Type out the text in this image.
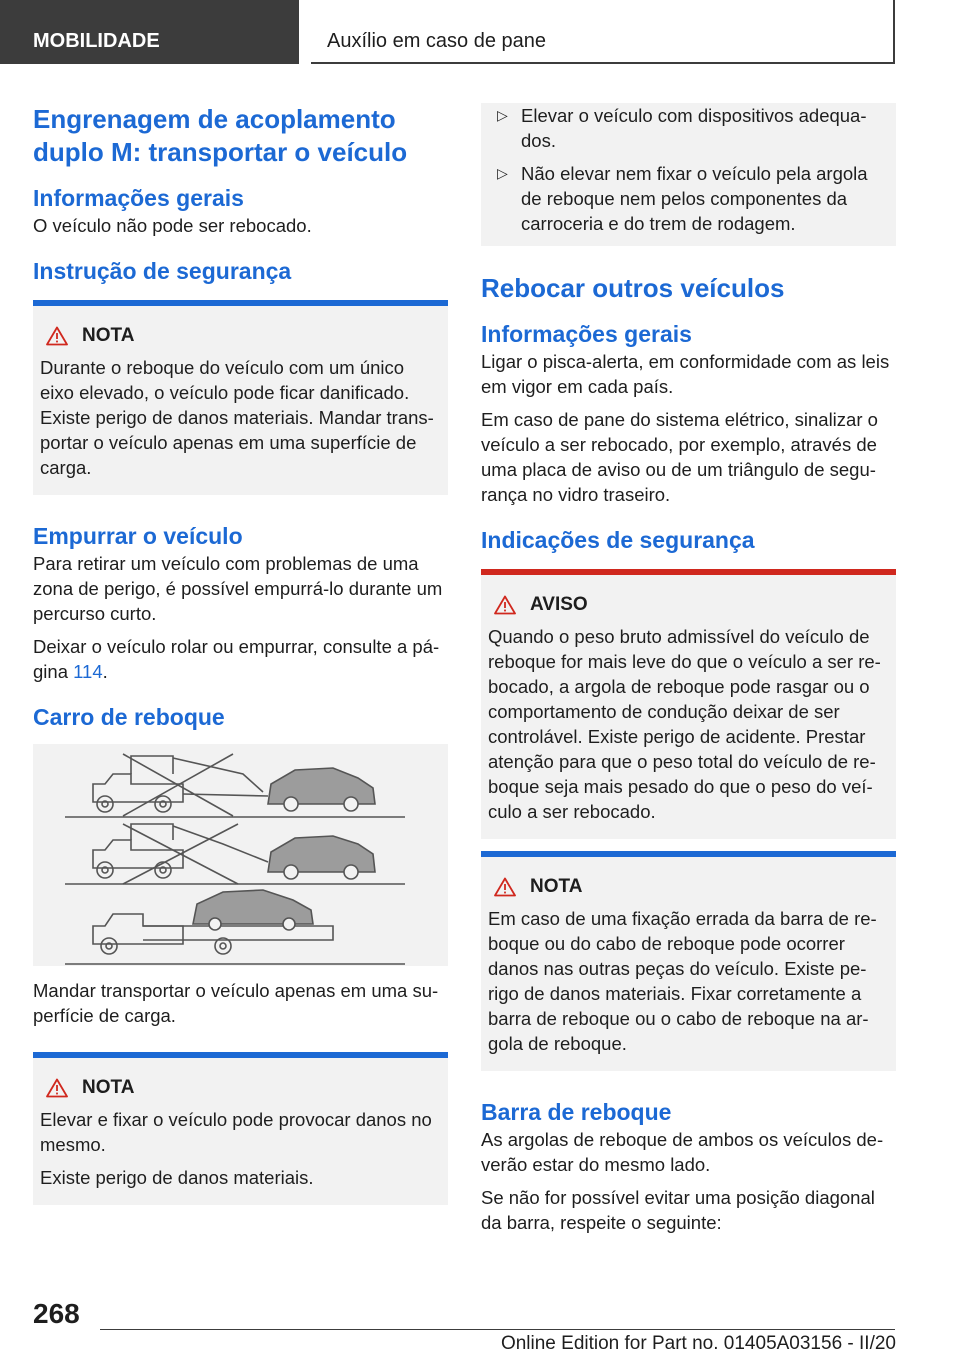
MOBILIDADE	Auxílio em caso de pane
Engrenagem de acoplamento duplo M: transportar o veículo
Informações gerais

O veículo não pode ser rebocado.

Instrução de segurança
NOTA

Durante o reboque do veículo com um único eixo elevado, o veículo pode ficar danificado. Existe perigo de danos materiais. Mandar transportar o veículo apenas em uma superfície de carga.

Empurrar o veículo

Para retirar um veículo com problemas de uma zona de perigo, é possível empurrá-lo durante um percurso curto.

Deixar o veículo rolar ou empurrar, consulte a página 114.

Carro de reboque

Mandar transportar o veículo apenas em uma superfície de carga.

NOTA

Elevar e fixar o veículo pode provocar danos no mesmo.

Existe perigo de danos materiais.

▷ Elevar o veículo com dispositivos adequados.

▷ Não elevar nem fixar o veículo pela argola de reboque nem pelos componentes da carroceria e do trem de rodagem.

Rebocar outros veículos
Informações gerais

Ligar o pisca-alerta, em conformidade com as leis em vigor em cada país.

Em caso de pane do sistema elétrico, sinalizar o veículo a ser rebocado, por exemplo, através de uma placa de aviso ou de um triângulo de segurança no vidro traseiro.

Indicações de segurança
AVISO

Quando o peso bruto admissível do veículo de reboque for mais leve do que o veículo a ser rebocado, a argola de reboque pode rasgar ou o comportamento de condução deixar de ser controlável. Existe perigo de acidente. Prestar atenção para que o peso total do veículo de reboque seja mais pesado do que o peso do veículo a ser rebocado.

NOTA

Em caso de uma fixação errada da barra de reboque ou do cabo de reboque pode ocorrer danos nas outras peças do veículo. Existe perigo de danos materiais. Fixar corretamente a barra de reboque ou o cabo de reboque na argola de reboque.

Barra de reboque

As argolas de reboque de ambos os veículos deverão estar do mesmo lado.

Se não for possível evitar uma posição diagonal da barra, respeite o seguinte:

268
Online Edition for Part no. 01405A03156 - II/20
